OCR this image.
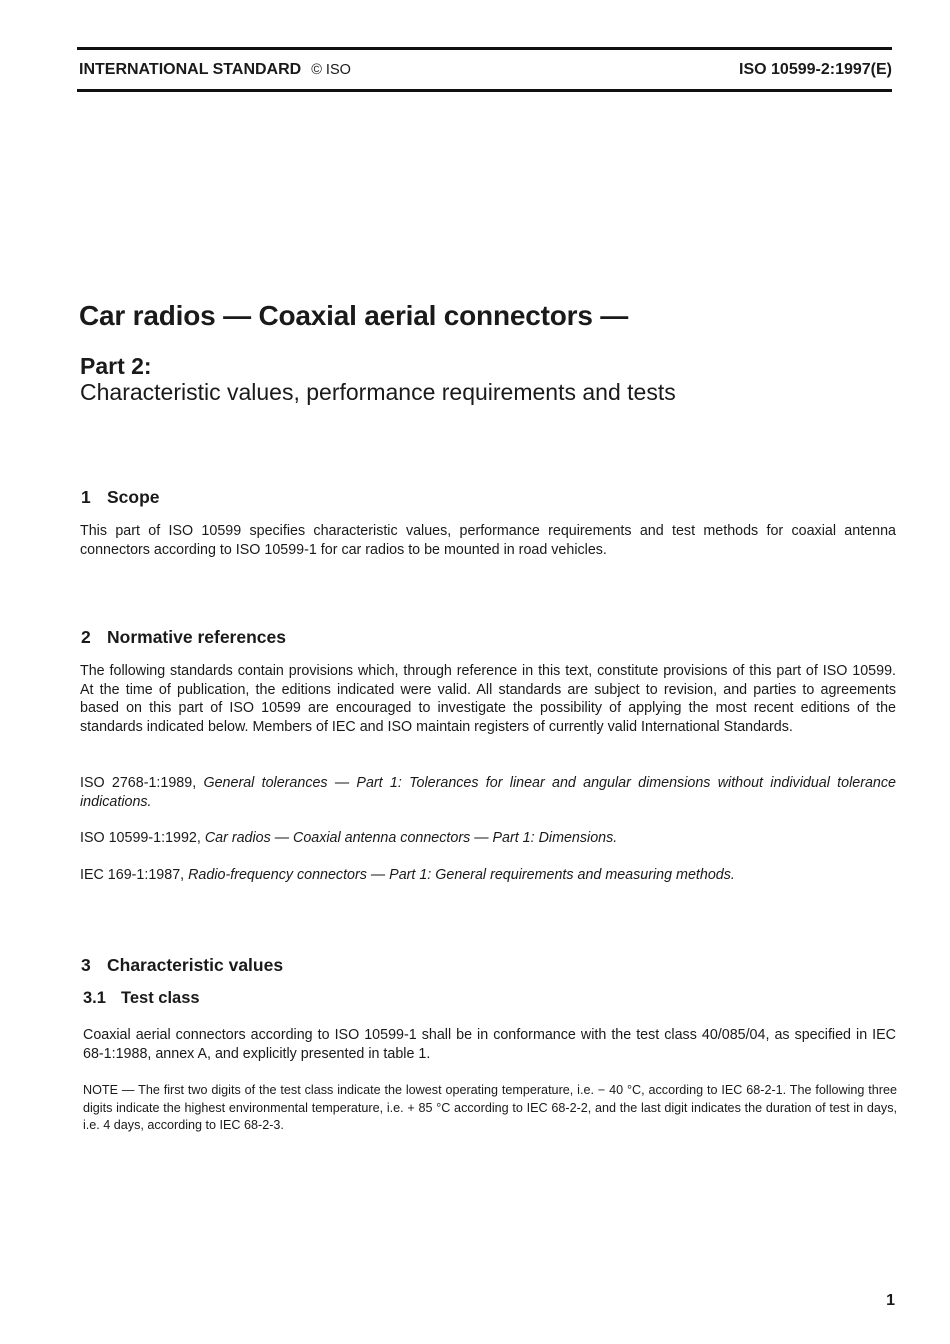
INTERNATIONAL STANDARD © ISO	ISO 10599-2:1997(E)
Car radios — Coaxial aerial connectors —
Part 2:
Characteristic values, performance requirements and tests
1 Scope
This part of ISO 10599 specifies characteristic values, performance requirements and test methods for coaxial antenna connectors according to ISO 10599-1 for car radios to be mounted in road vehicles.
2 Normative references
The following standards contain provisions which, through reference in this text, constitute provisions of this part of ISO 10599. At the time of publication, the editions indicated were valid. All standards are subject to revision, and parties to agreements based on this part of ISO 10599 are encouraged to investigate the possibility of applying the most recent editions of the standards indicated below. Members of IEC and ISO maintain registers of currently valid International Standards.
ISO 2768-1:1989, General tolerances — Part 1: Tolerances for linear and angular dimensions without individual tolerance indications.
ISO 10599-1:1992, Car radios — Coaxial antenna connectors — Part 1: Dimensions.
IEC 169-1:1987, Radio-frequency connectors — Part 1: General requirements and measuring methods.
3 Characteristic values
3.1 Test class
Coaxial aerial connectors according to ISO 10599-1 shall be in conformance with the test class 40/085/04, as specified in IEC 68-1:1988, annex A, and explicitly presented in table 1.
NOTE — The first two digits of the test class indicate the lowest operating temperature, i.e. − 40 °C, according to IEC 68-2-1. The following three digits indicate the highest environmental temperature, i.e. + 85 °C according to IEC 68-2-2, and the last digit indicates the duration of test in days, i.e. 4 days, according to IEC 68-2-3.
1
